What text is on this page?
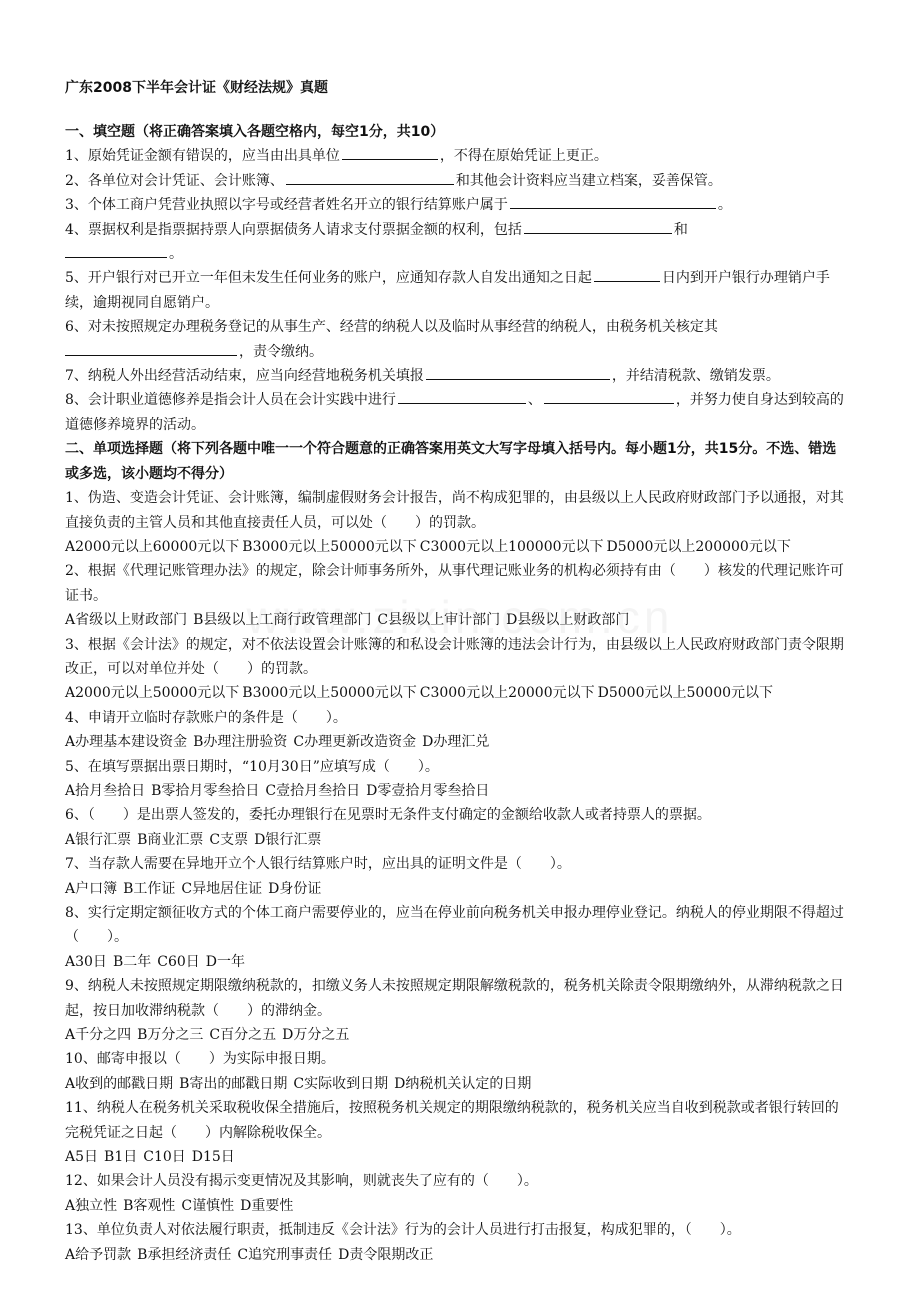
广东2008下半年会计证《财经法规》真题
一、填空题（将正确答案填入各题空格内，每空1分，共10）

1、原始凭证金额有错误的，应当由出具单位	，不得在原始凭证上更正。

2、各单位对会计凭证、会计账簿、	和其他会计资料应当建立档案，妥善保管。

3、个体工商户凭营业执照以字号或经营者姓名开立的银行结算账户属于	。

4、票据权利是指票据持票人向票据债务人请求支付票据金额的权利，包括	和
。

5、开户银行对已开立一年但未发生任何业务的账户，应通知存款人自发出通知之日起	日内到开户银行办理销户手续，逾期视同自愿销户。

6、对未按照规定办理税务登记的从事生产、经营的纳税人以及临时从事经营的纳税人，由税务机关核定其
，责令缴纳。

7、纳税人外出经营活动结束，应当向经营地税务机关填报	，并结清税款、缴销发票。

8、会计职业道德修养是指会计人员在会计实践中进行	、	，并努力使自身达到较高的道德修养境界的活动。

二、单项选择题（将下列各题中唯一一个符合题意的正确答案用英文大写字母填入括号内。每小题1分，共15分。不选、错选或多选，该小题均不得分）

1、伪造、变造会计凭证、会计账簿，编制虚假财务会计报告，尚不构成犯罪的，由县级以上人民政府财政部门予以通报，对其直接负责的主管人员和其他直接责任人员，可以处（　　）的罚款。

A2000元以上60000元以下 B3000元以上50000元以下 C3000元以上100000元以下 D5000元以上200000元以下

2、根据《代理记账管理办法》的规定，除会计师事务所外，从事代理记账业务的机构必须持有由（　　）核发的代理记账许可证书。

A省级以上财政部门 B县级以上工商行政管理部门 C县级以上审计部门 D县级以上财政部门

3、根据《会计法》的规定，对不依法设置会计账簿的和私设会计账簿的违法会计行为，由县级以上人民政府财政部门责令限期改正，可以对单位并处（　　）的罚款。

A2000元以上50000元以下 B3000元以上50000元以下 C3000元以上20000元以下 D5000元以上50000元以下

4、申请开立临时存款账户的条件是（　　）。

A办理基本建设资金 B办理注册验资 C办理更新改造资金 D办理汇兑

5、在填写票据出票日期时，“10月30日”应填写成（　　）。

A拾月叁拾日 B零拾月零叁拾日 C壹拾月叁拾日 D零壹拾月零叁拾日

6、（　　）是出票人签发的，委托办理银行在见票时无条件支付确定的金额给收款人或者持票人的票据。

A银行汇票 B商业汇票 C支票 D银行汇票

7、当存款人需要在异地开立个人银行结算账户时，应出具的证明文件是（　　）。

A户口簿 B工作证 C异地居住证 D身份证

8、实行定期定额征收方式的个体工商户需要停业的，应当在停业前向税务机关申报办理停业登记。纳税人的停业期限不得超过（　　）。

A30日 B二年 C60日 D一年

9、纳税人未按照规定期限缴纳税款的，扣缴义务人未按照规定期限解缴税款的，税务机关除责令限期缴纳外，从滞纳税款之日起，按日加收滞纳税款（　　）的滞纳金。

A千分之四 B万分之三 C百分之五 D万分之五

10、邮寄申报以（　　）为实际申报日期。

A收到的邮戳日期 B寄出的邮戳日期 C实际收到日期 D纳税机关认定的日期

11、纳税人在税务机关采取税收保全措施后，按照税务机关规定的期限缴纳税款的，税务机关应当自收到税款或者银行转回的完税凭证之日起（　　）内解除税收保全。

A5日 B1日 C10日 D15日

12、如果会计人员没有揭示变更情况及其影响，则就丧失了应有的（　　）。

A独立性 B客观性 C谨慎性 D重要性

13、单位负责人对依法履行职责，抵制违反《会计法》行为的会计人员进行打击报复，构成犯罪的，（　　）。

A给予罚款 B承担经济责任 C追究刑事责任 D责令限期改正
